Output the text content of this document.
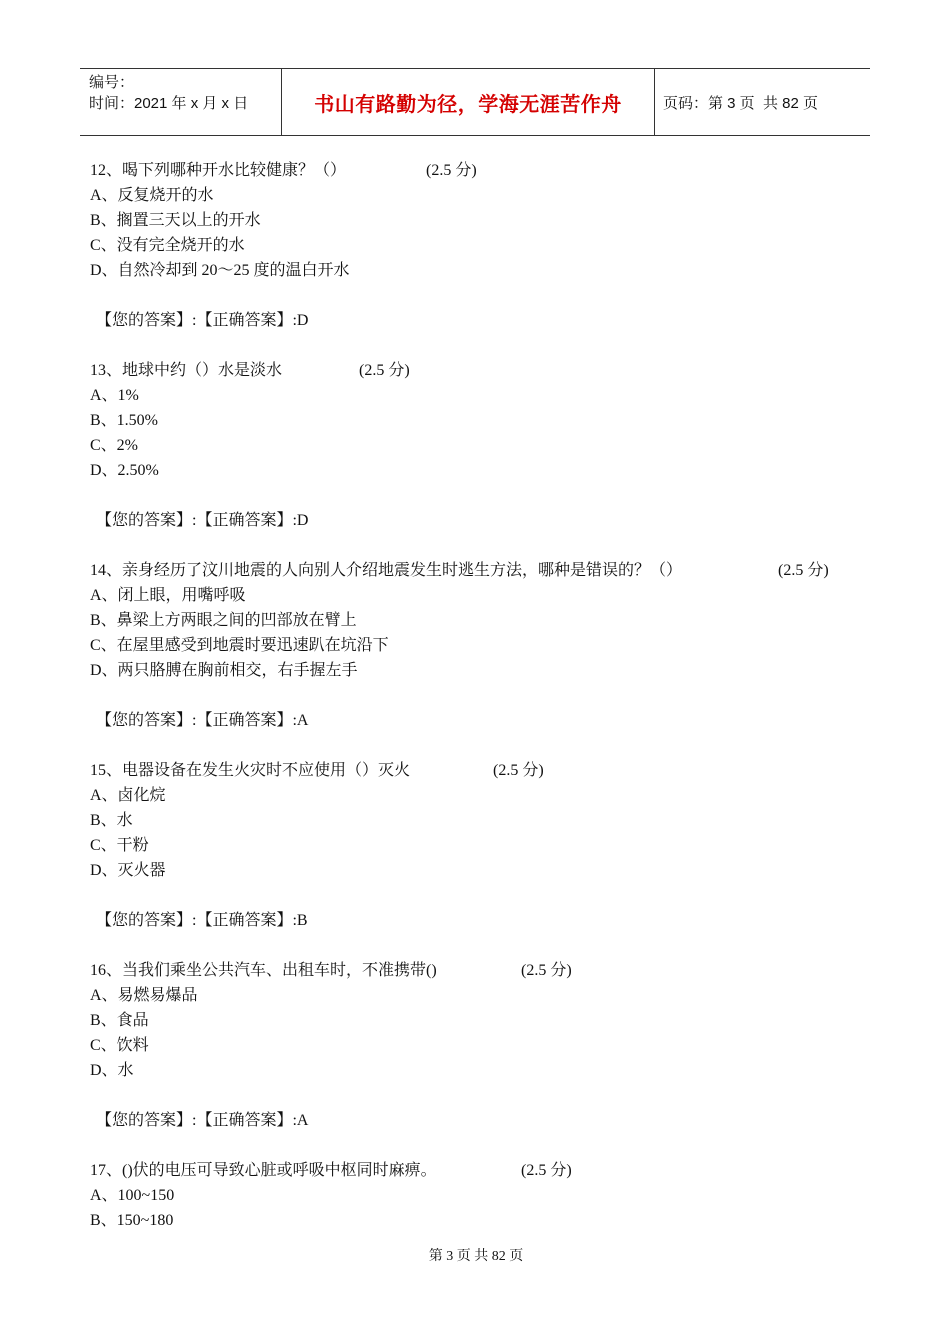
编号：
时间：2021 年 x 月 x 日	书山有路勤为径，学海无涯苦作舟	页码：第 3 页  共 82 页
12、喝下列哪种开水比较健康？（）	(2.5 分)
A、反复烧开的水
B、搁置三天以上的开水
C、没有完全烧开的水
D、自然冷却到 20～25 度的温白开水
【您的答案】:【正确答案】:D
13、地球中约（）水是淡水	(2.5 分)
A、1%
B、1.50%
C、2%
D、2.50%
【您的答案】:【正确答案】:D
14、亲身经历了汶川地震的人向别人介绍地震发生时逃生方法，哪种是错误的？（）	(2.5 分)
A、闭上眼，用嘴呼吸
B、鼻梁上方两眼之间的凹部放在臂上
C、在屋里感受到地震时要迅速趴在坑沿下
D、两只胳膊在胸前相交，右手握左手
【您的答案】:【正确答案】:A
15、电器设备在发生火灾时不应使用（）灭火	(2.5 分)
A、卤化烷
B、水
C、干粉
D、灭火器
【您的答案】:【正确答案】:B
16、当我们乘坐公共汽车、出租车时，不准携带()	(2.5 分)
A、易燃易爆品
B、食品
C、饮料
D、水
【您的答案】:【正确答案】:A
17、()伏的电压可导致心脏或呼吸中枢同时麻痹。	(2.5 分)
A、100~150
B、150~180
第 3 页 共 82 页
